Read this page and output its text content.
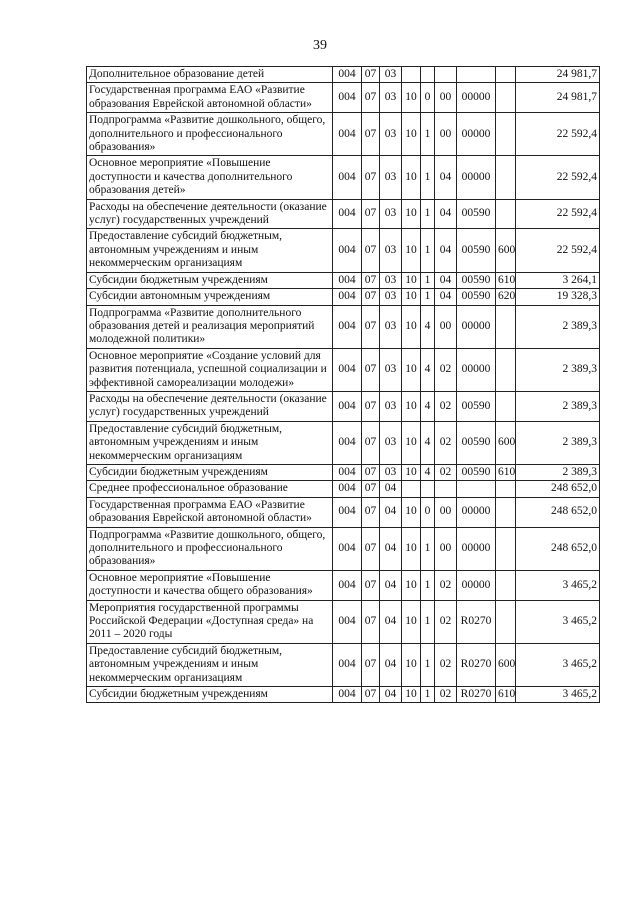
39
Дополнительное образование детей	004	07	03						24 981,7
Государственная программа ЕАО «Развитие образования Еврейской автономной области»	004	07	03	10	0	00	00000		24 981,7
Подпрограмма «Развитие дошкольного, общего, дополнительного и профессионального образования»	004	07	03	10	1	00	00000		22 592,4
Основное мероприятие «Повышение доступности и качества дополнительного образования детей»	004	07	03	10	1	04	00000		22 592,4
Расходы на обеспечение деятельности (оказание услуг) государственных учреждений	004	07	03	10	1	04	00590		22 592,4
Предоставление субсидий бюджетным, автономным учреждениям и иным некоммерческим организациям	004	07	03	10	1	04	00590	600	22 592,4
Субсидии бюджетным учреждениям	004	07	03	10	1	04	00590	610	3 264,1
Субсидии автономным учреждениям	004	07	03	10	1	04	00590	620	19 328,3
Подпрограмма «Развитие дополнительного образования детей и реализация мероприятий молодежной политики»	004	07	03	10	4	00	00000		2 389,3
Основное мероприятие «Создание условий для развития потенциала, успешной социализации и эффективной самореализации молодежи»	004	07	03	10	4	02	00000		2 389,3
Расходы на обеспечение деятельности (оказание услуг) государственных учреждений	004	07	03	10	4	02	00590		2 389,3
Предоставление субсидий бюджетным, автономным учреждениям и иным некоммерческим организациям	004	07	03	10	4	02	00590	600	2 389,3
Субсидии бюджетным учреждениям	004	07	03	10	4	02	00590	610	2 389,3
Среднее профессиональное образование	004	07	04						248 652,0
Государственная программа ЕАО «Развитие образования Еврейской автономной области»	004	07	04	10	0	00	00000		248 652,0
Подпрограмма «Развитие дошкольного, общего, дополнительного и профессионального образования»	004	07	04	10	1	00	00000		248 652,0
Основное мероприятие «Повышение доступности и качества общего образования»	004	07	04	10	1	02	00000		3 465,2
Мероприятия государственной программы Российской Федерации «Доступная среда» на 2011 – 2020 годы	004	07	04	10	1	02	R0270		3 465,2
Предоставление субсидий бюджетным, автономным учреждениям и иным некоммерческим организациям	004	07	04	10	1	02	R0270	600	3 465,2
Субсидии бюджетным учреждениям	004	07	04	10	1	02	R0270	610	3 465,2
